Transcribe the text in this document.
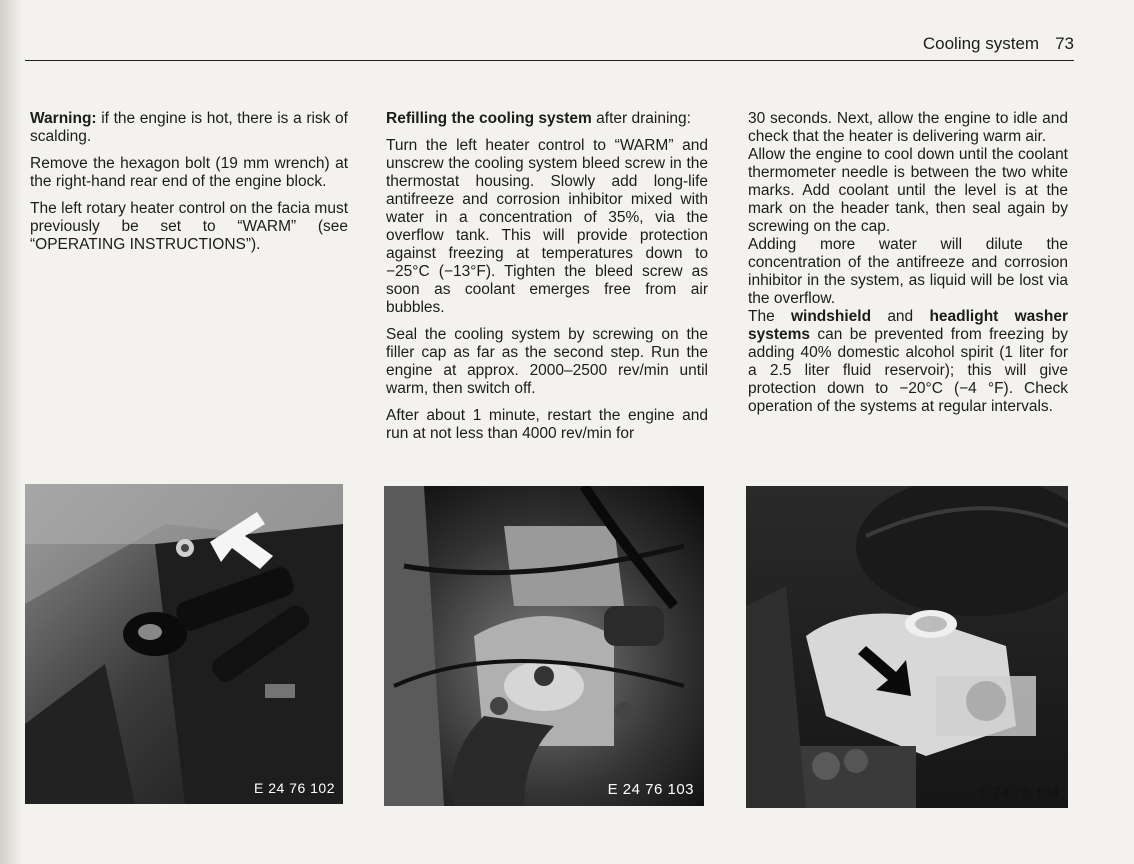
Cooling system 73

Warning: if the engine is hot, there is a risk of scalding.

Remove the hexagon bolt (19 mm wrench) at the right-hand rear end of the engine block.

The left rotary heater control on the facia must previously be set to “WARM” (see “OPERATING INSTRUCTIONS”).

Refilling the cooling system after draining:

Turn the left heater control to “WARM” and unscrew the cooling system bleed screw in the thermostat housing. Slowly add long-life antifreeze and corrosion inhibitor mixed with water in a concentration of 35%, via the overflow tank. This will provide protection against freezing at temperatures down to −25°C (−13°F). Tighten the bleed screw as soon as coolant emerges free from air bubbles.

Seal the cooling system by screwing on the filler cap as far as the second step. Run the engine at approx. 2000–2500 rev/min until warm, then switch off.

After about 1 minute, restart the engine and run at not less than 4000 rev/min for

30 seconds. Next, allow the engine to idle and check that the heater is delivering warm air.

Allow the engine to cool down until the coolant thermometer needle is between the two white marks. Add coolant until the level is at the mark on the header tank, then seal again by screwing on the cap.

Adding more water will dilute the concentration of the antifreeze and corrosion inhibitor in the system, as liquid will be lost via the overflow.

The windshield and headlight washer systems can be prevented from freezing by adding 40% domestic alcohol spirit (1 liter for a 2.5 liter fluid reservoir); this will give protection down to −20°C (−4 °F). Check operation of the systems at regular intervals.

E 24 76 102	E 24 76 103	E 24 76 104
